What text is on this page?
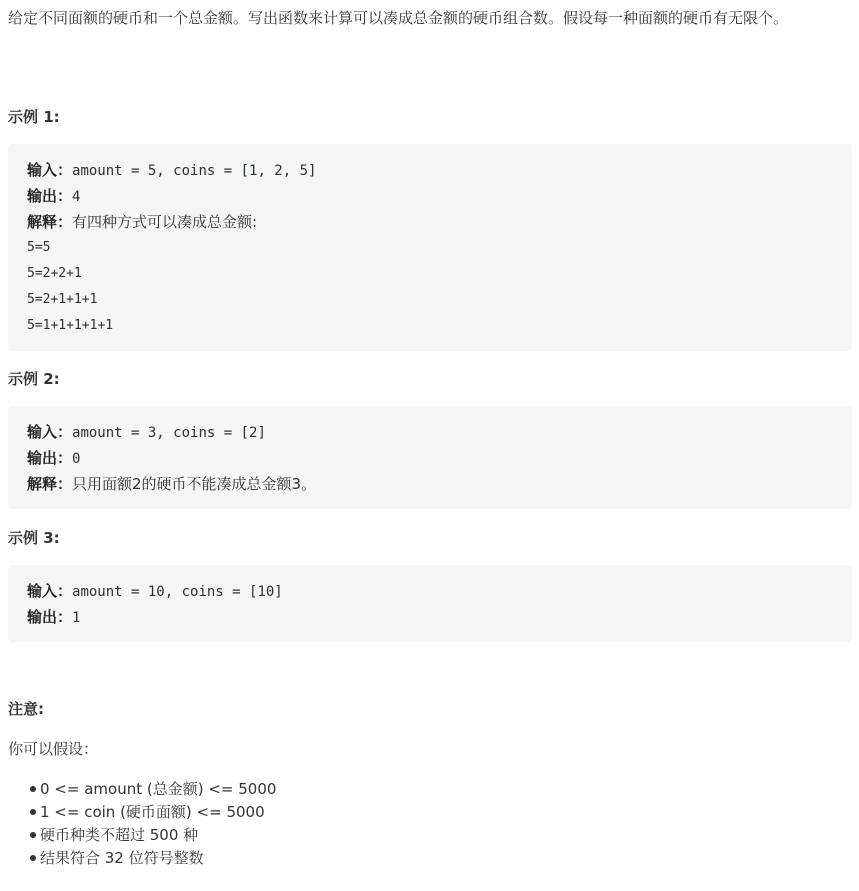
给定不同面额的硬币和一个总金额。写出函数来计算可以凑成总金额的硬币组合数。假设每一种面额的硬币有无限个。

示例 1:

输入：amount = 5, coins = [1, 2, 5]
输出：4
解释：有四种方式可以凑成总金额:
5=5
5=2+2+1
5=2+1+1+1
5=1+1+1+1+1

示例 2:

输入：amount = 3, coins = [2]
输出：0
解释：只用面额2的硬币不能凑成总金额3。

示例 3:

输入：amount = 10, coins = [10]
输出：1

注意:

你可以假设：

0 <= amount (总金额) <= 5000
1 <= coin (硬币面额) <= 5000
硬币种类不超过 500 种
结果符合 32 位符号整数
